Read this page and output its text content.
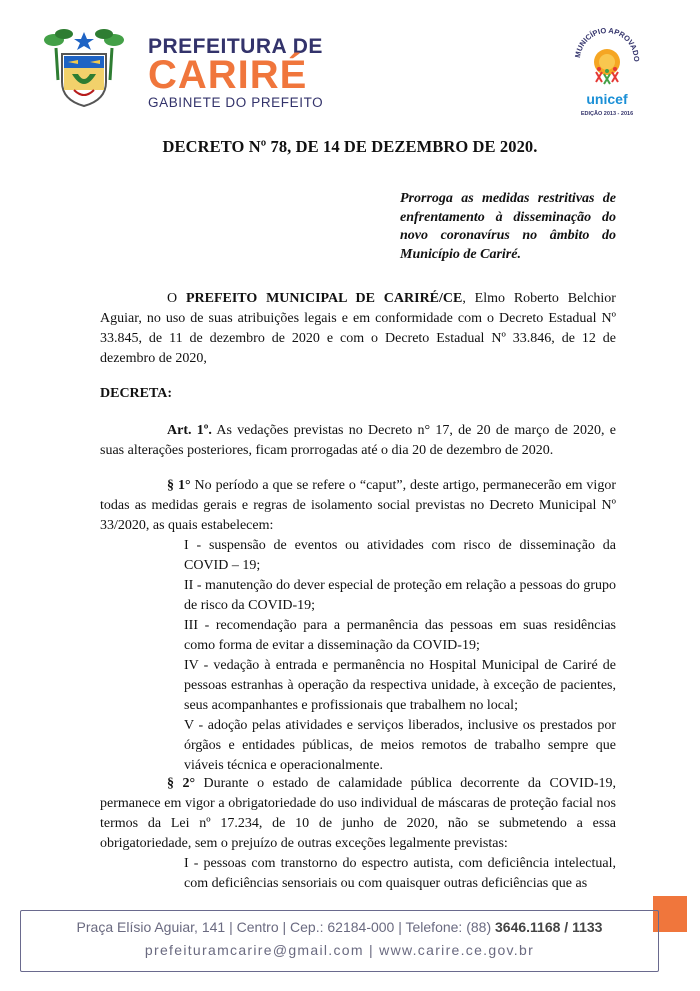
PREFEITURA DE
CARIRÉ
GABINETE DO PREFEITO
MUNICÍPIO APROVADO
unicef
EDIÇÃO 2013 - 2016
DECRETO Nº 78, DE 14 DE DEZEMBRO DE 2020.
Prorroga as medidas restritivas de enfrentamento à disseminação do novo coronavírus no âmbito do Município de Cariré.

O PREFEITO MUNICIPAL DE CARIRÉ/CE, Elmo Roberto Belchior Aguiar, no uso de suas atribuições legais e em conformidade com o Decreto Estadual Nº 33.845, de 11 de dezembro de 2020 e com o Decreto Estadual Nº 33.846, de 12 de dezembro de 2020,

DECRETA:

Art. 1º. As vedações previstas no Decreto n° 17, de 20 de março de 2020, e suas alterações posteriores, ficam prorrogadas até o dia 20 de dezembro de 2020.

§ 1° No período a que se refere o “caput”, deste artigo, permanecerão em vigor todas as medidas gerais e regras de isolamento social previstas no Decreto Municipal Nº 33/2020, as quais estabelecem:

I - suspensão de eventos ou atividades com risco de disseminação da COVID – 19;

II - manutenção do dever especial de proteção em relação a pessoas do grupo de risco da COVID-19;

III - recomendação para a permanência das pessoas em suas residências como forma de evitar a disseminação da COVID-19;

IV - vedação à entrada e permanência no Hospital Municipal de Cariré de pessoas estranhas à operação da respectiva unidade, à exceção de pacientes, seus acompanhantes e profissionais que trabalhem no local;

V - adoção pelas atividades e serviços liberados, inclusive os prestados por órgãos e entidades públicas, de meios remotos de trabalho sempre que viáveis técnica e operacionalmente.

§ 2° Durante o estado de calamidade pública decorrente da COVID-19, permanece em vigor a obrigatoriedade do uso individual de máscaras de proteção facial nos termos da Lei nº 17.234, de 10 de junho de 2020, não se submetendo a essa obrigatoriedade, sem o prejuízo de outras exceções legalmente previstas:

I - pessoas com transtorno do espectro autista, com deficiência intelectual, com deficiências sensoriais ou com quaisquer outras deficiências que as

Praça Elísio Aguiar, 141 | Centro | Cep.: 62184-000 | Telefone: (88) 3646.1168 / 1133
prefeituramcarire@gmail.com | www.carire.ce.gov.br
